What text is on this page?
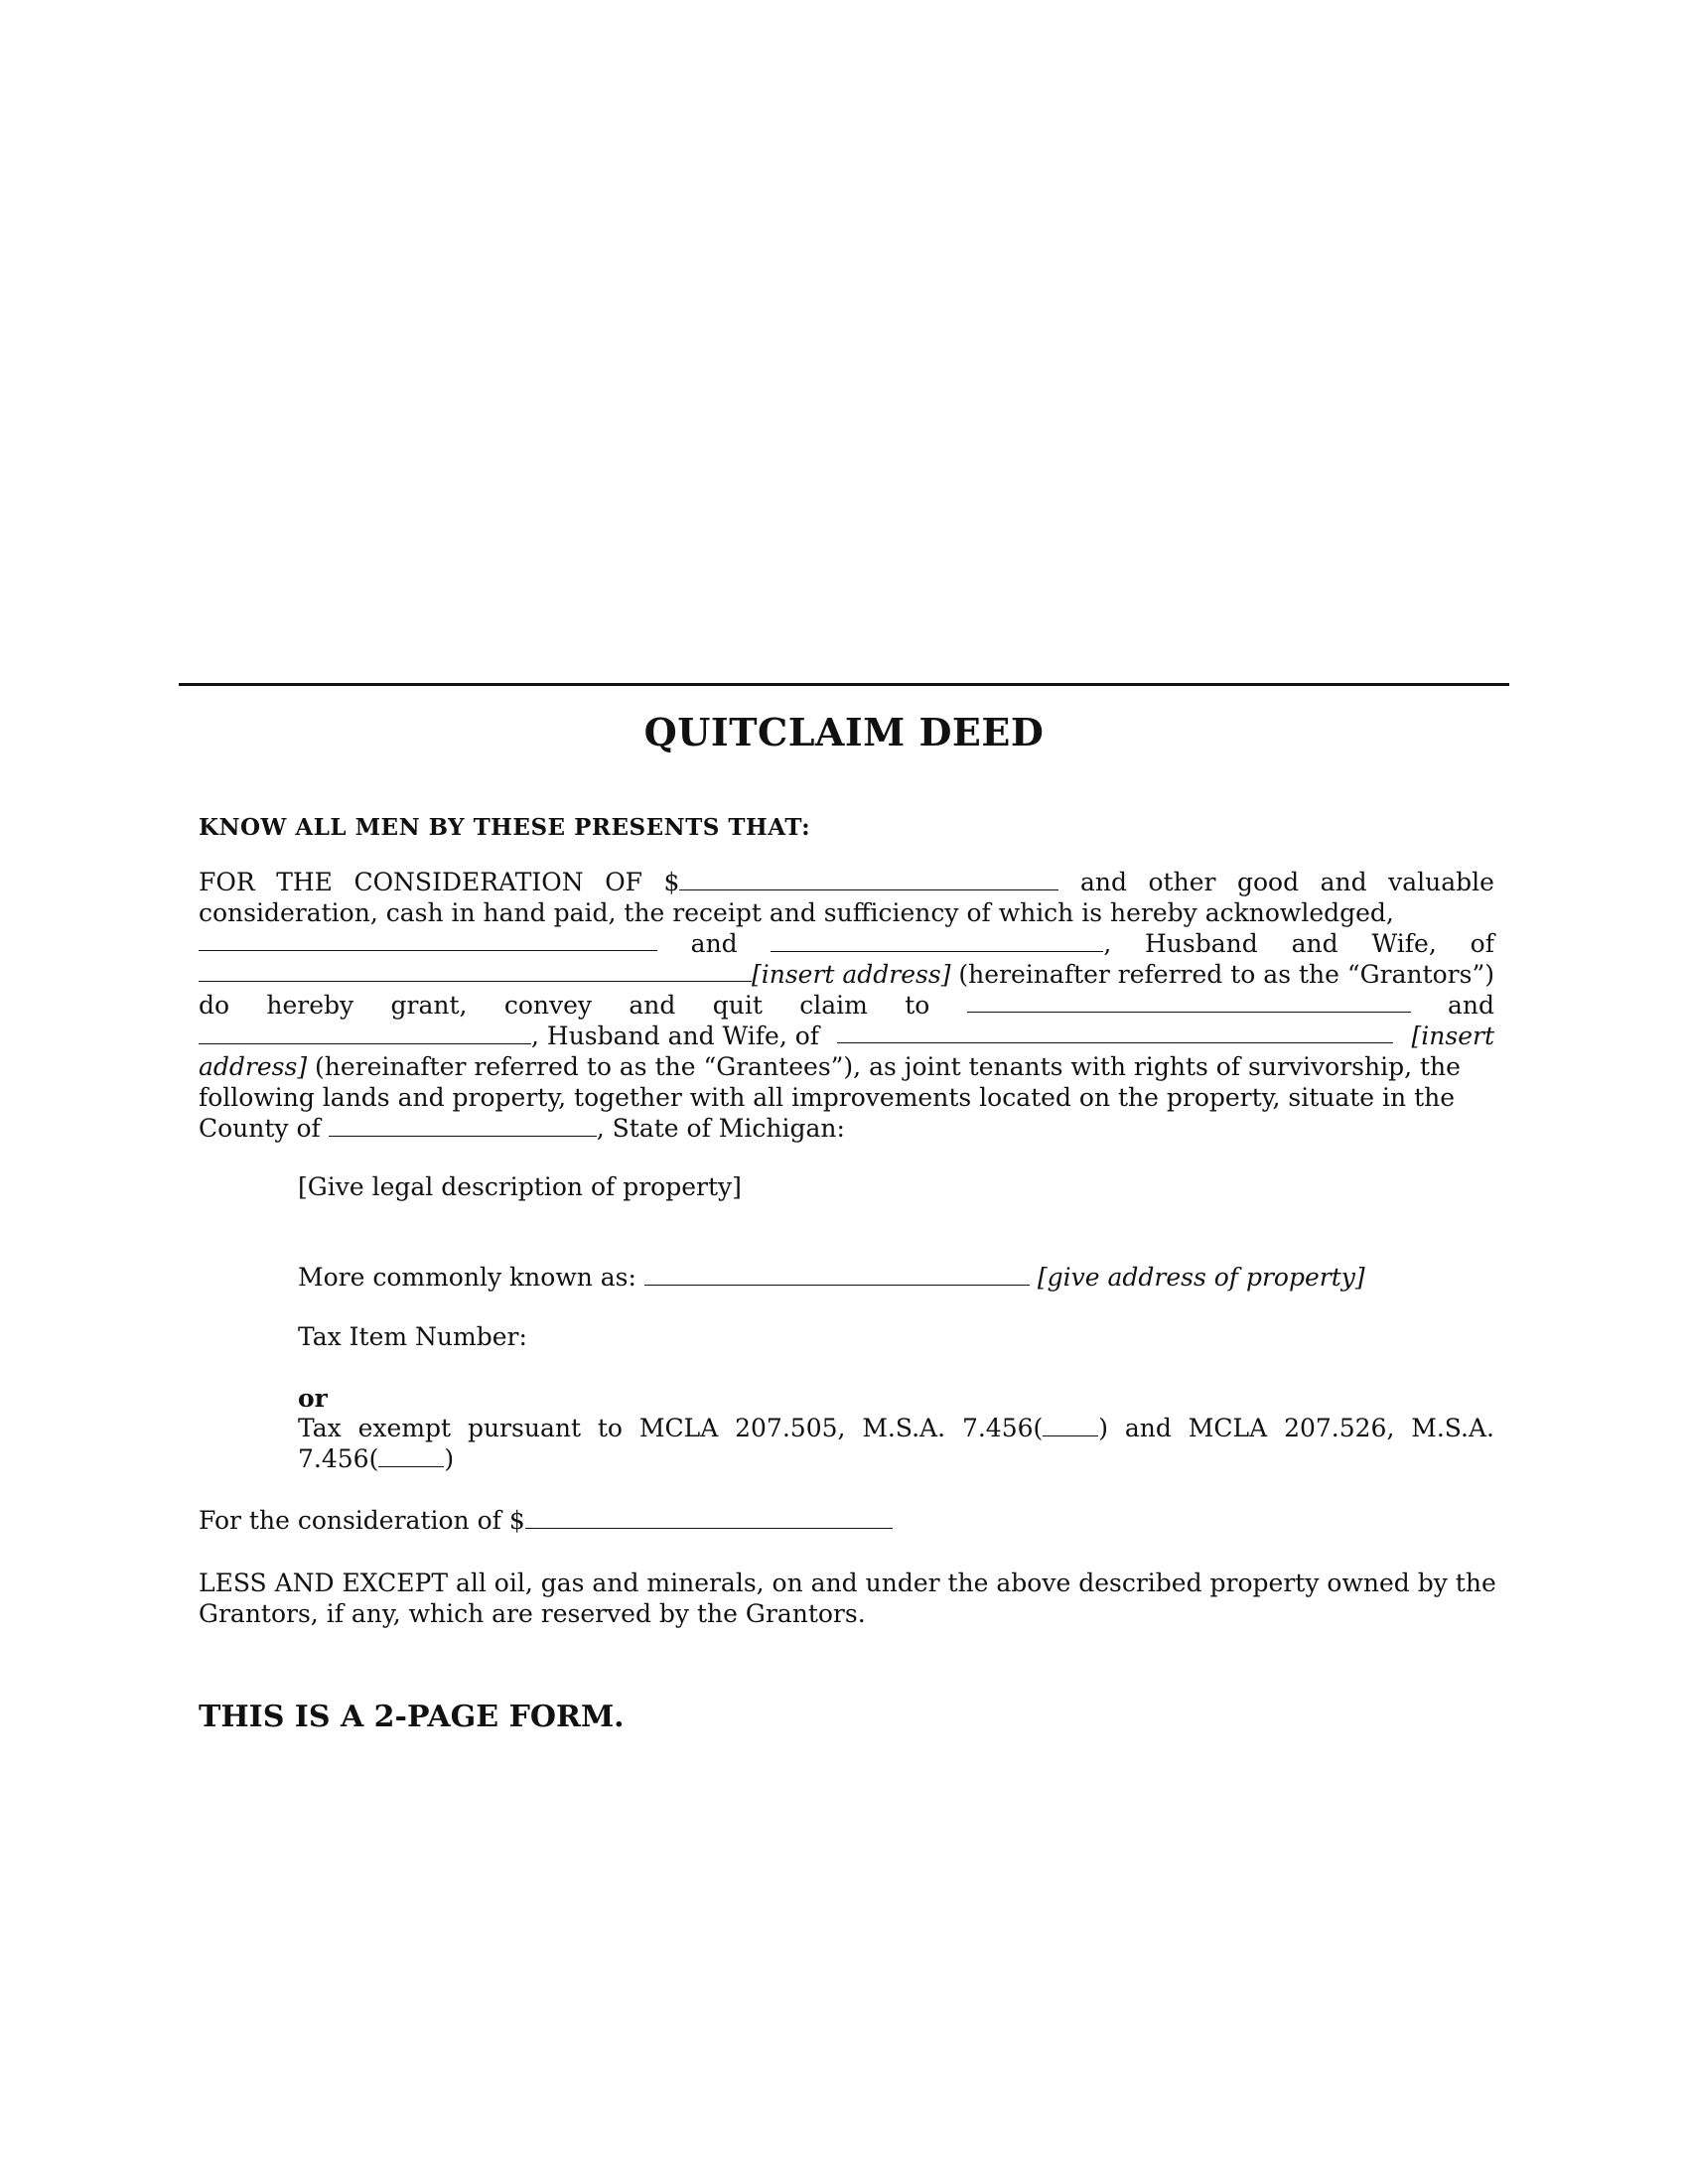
QUITCLAIM DEED
KNOW ALL MEN BY THESE PRESENTS THAT:
FOR THE CONSIDERATION OF $	and other good and valuable
consideration, cash in hand paid, the receipt and sufficiency of which is hereby acknowledged,
and	, Husband and Wife, of
[insert address] (hereinafter referred to as the “Grantors”)
do hereby grant, convey and quit claim to	and
, Husband and Wife, of	[insert
address] (hereinafter referred to as the “Grantees”), as joint tenants with rights of survivorship, the
following lands and property, together with all improvements located on the property, situate in the
County of	, State of Michigan:
[Give legal description of property]
More commonly known as:	[give address of property]
Tax Item Number:
or
Tax exempt pursuant to MCLA 207.505, M.S.A. 7.456( ) and MCLA 207.526, M.S.A.
7.456(	)
For the consideration of $
LESS AND EXCEPT all oil, gas and minerals, on and under the above described property owned by the
Grantors, if any, which are reserved by the Grantors.
THIS IS A 2-PAGE FORM.
